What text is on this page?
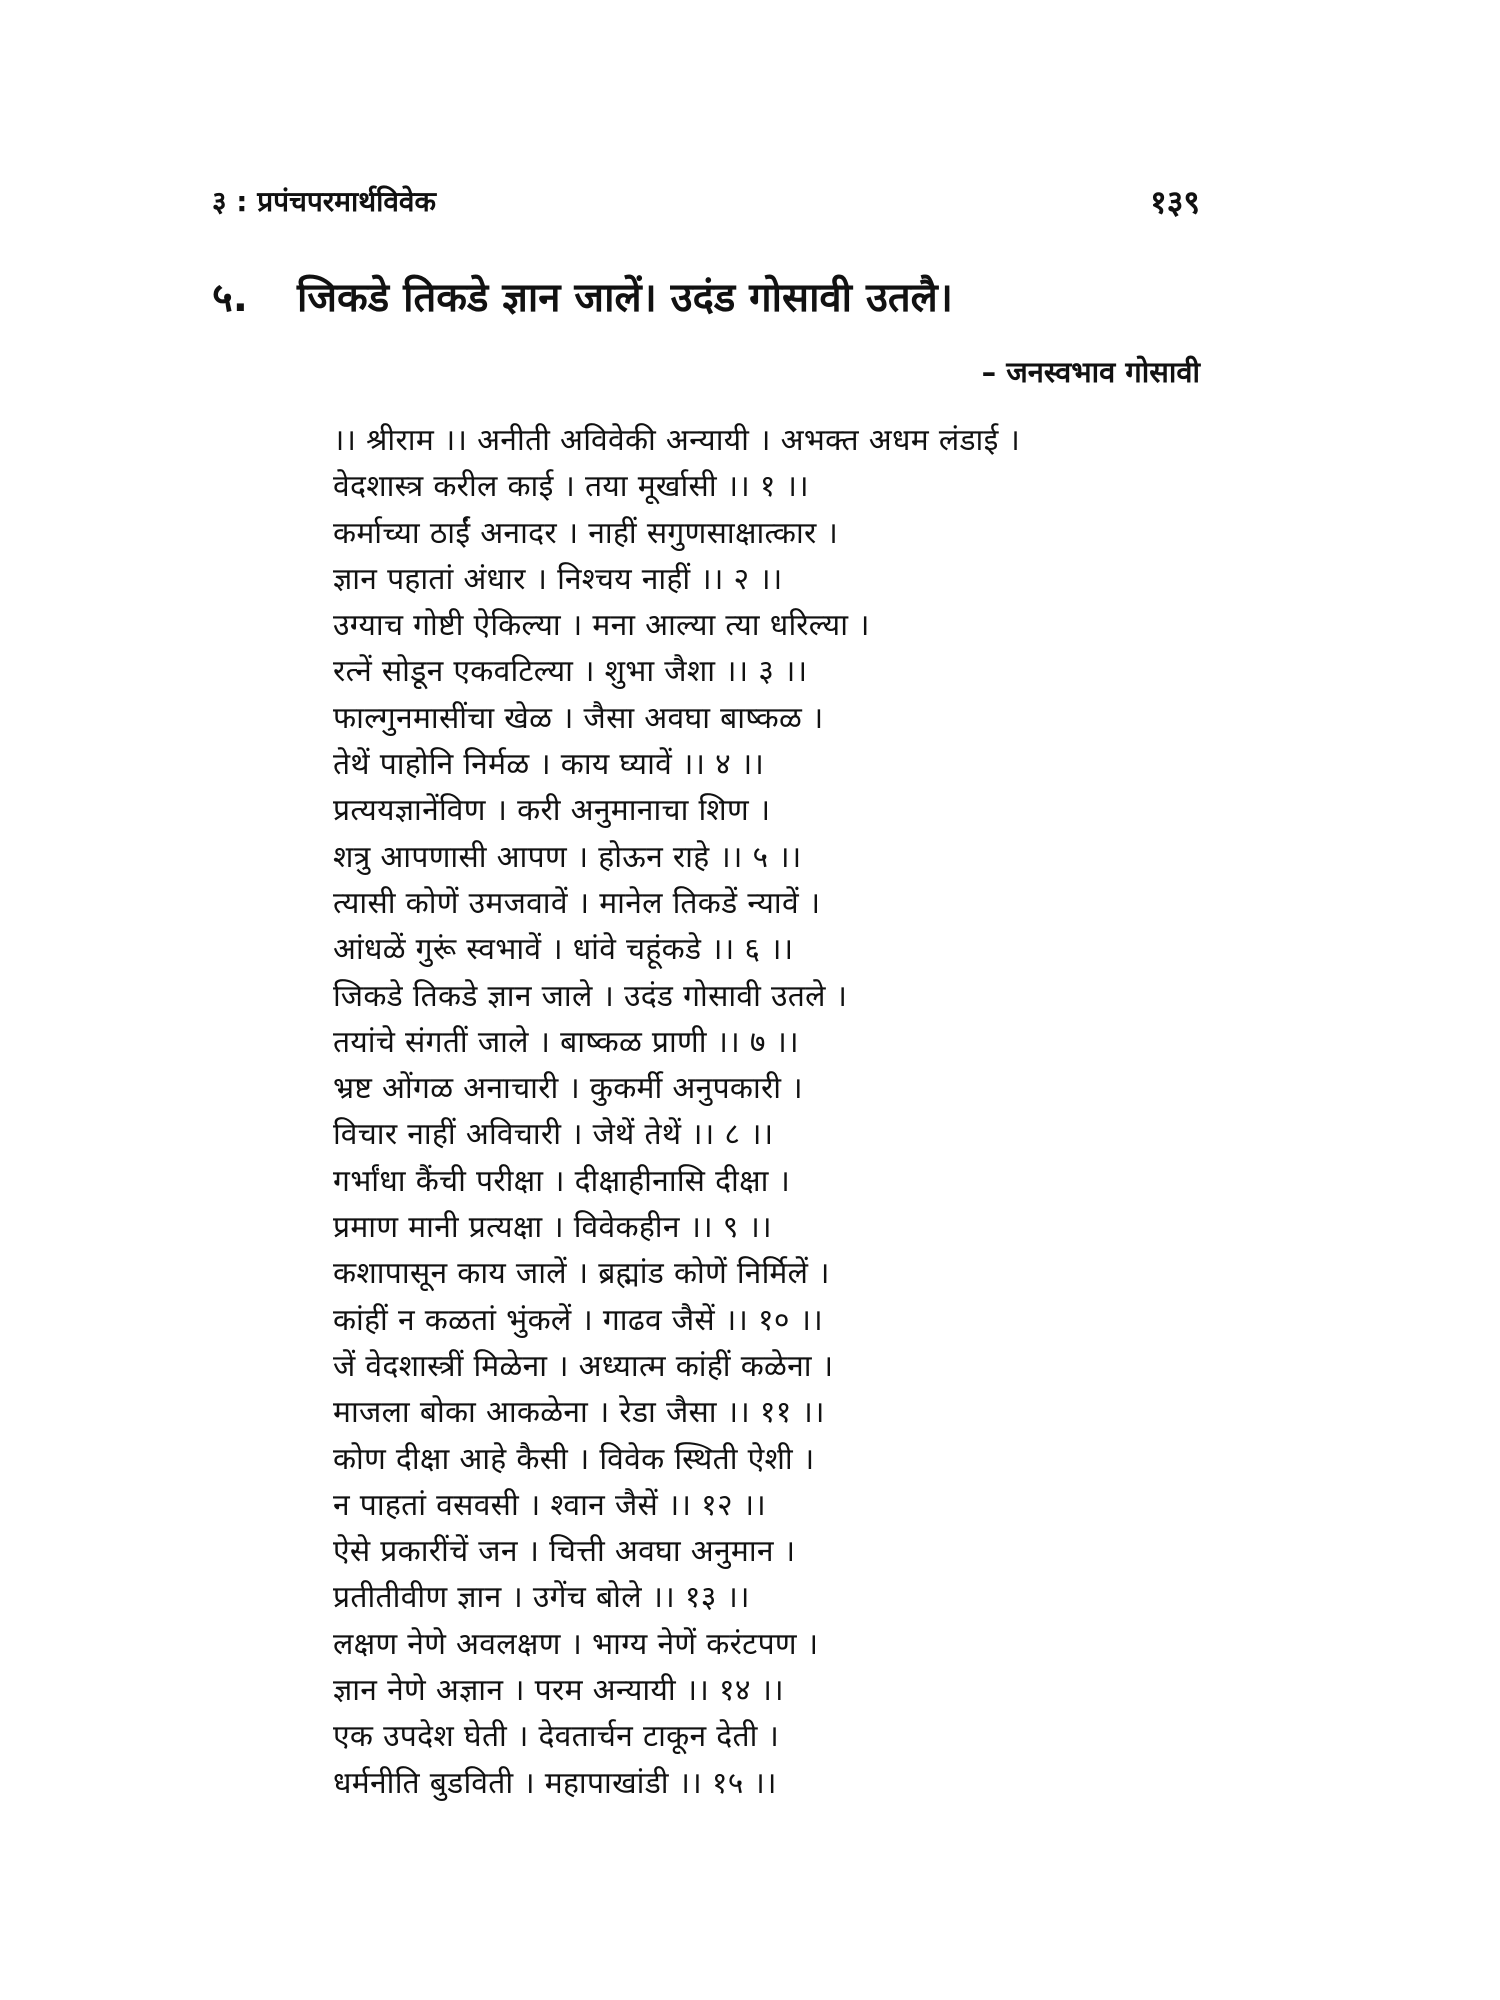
३ : प्रपंचपरमार्थविवेक	१३९
५. जिकडे तिकडे ज्ञान जालें। उदंड गोसावी उतलै।
– जनस्वभाव गोसावी
।। श्रीराम ।। अनीती अविवेकी अन्यायी । अभक्त अधम लंडाई ।
वेदशास्त्र करील काई । तया मूर्खासी ।। १ ।।
कर्माच्या ठाईं अनादर । नाहीं सगुणसाक्षात्कार ।
ज्ञान पहातां अंधार । निश्चय नाहीं ।। २ ।।
उग्याच गोष्टी ऐकिल्या । मना आल्या त्या धरिल्या ।
रत्नें सोडून एकवटिल्या । शुभा जैशा ।। ३ ।।
फाल्गुनमासींचा खेळ । जैसा अवघा बाष्कळ ।
तेथें पाहोनि निर्मळ । काय घ्यावें ।। ४ ।।
प्रत्ययज्ञानेंविण । करी अनुमानाचा शिण ।
शत्रु आपणासी आपण । होऊन राहे ।। ५ ।।
त्यासी कोणें उमजवावें । मानेल तिकडें न्यावें ।
आंधळें गुरूं स्वभावें । धांवे चहूंकडे ।। ६ ।।
जिकडे तिकडे ज्ञान जाले । उदंड गोसावी उतले ।
तयांचे संगतीं जाले । बाष्कळ प्राणी ।। ७ ।।
भ्रष्ट ओंगळ अनाचारी । कुकर्मी अनुपकारी ।
विचार नाहीं अविचारी । जेथें तेथें ।। ८ ।।
गर्भांधा कैंची परीक्षा । दीक्षाहीनासि दीक्षा ।
प्रमाण मानी प्रत्यक्षा । विवेकहीन ।। ९ ।।
कशापासून काय जालें । ब्रह्मांड कोणें निर्मिलें ।
कांहीं न कळतां भुंकलें । गाढव जैसें ।। १० ।।
जें वेदशास्त्रीं मिळेना । अध्यात्म कांहीं कळेना ।
माजला बोका आकळेना । रेडा जैसा ।। ११ ।।
कोण दीक्षा आहे कैसी । विवेक स्थिती ऐशी ।
न पाहतां वसवसी । श्वान जैसें ।। १२ ।।
ऐसे प्रकारींचें जन । चित्ती अवघा अनुमान ।
प्रतीतीवीण ज्ञान । उगेंच बोले ।। १३ ।।
लक्षण नेणे अवलक्षण । भाग्य नेणें करंटपण ।
ज्ञान नेणे अज्ञान । परम अन्यायी ।। १४ ।।
एक उपदेश घेती । देवतार्चन टाकून देती ।
धर्मनीति बुडविती । महापाखांडी ।। १५ ।।
